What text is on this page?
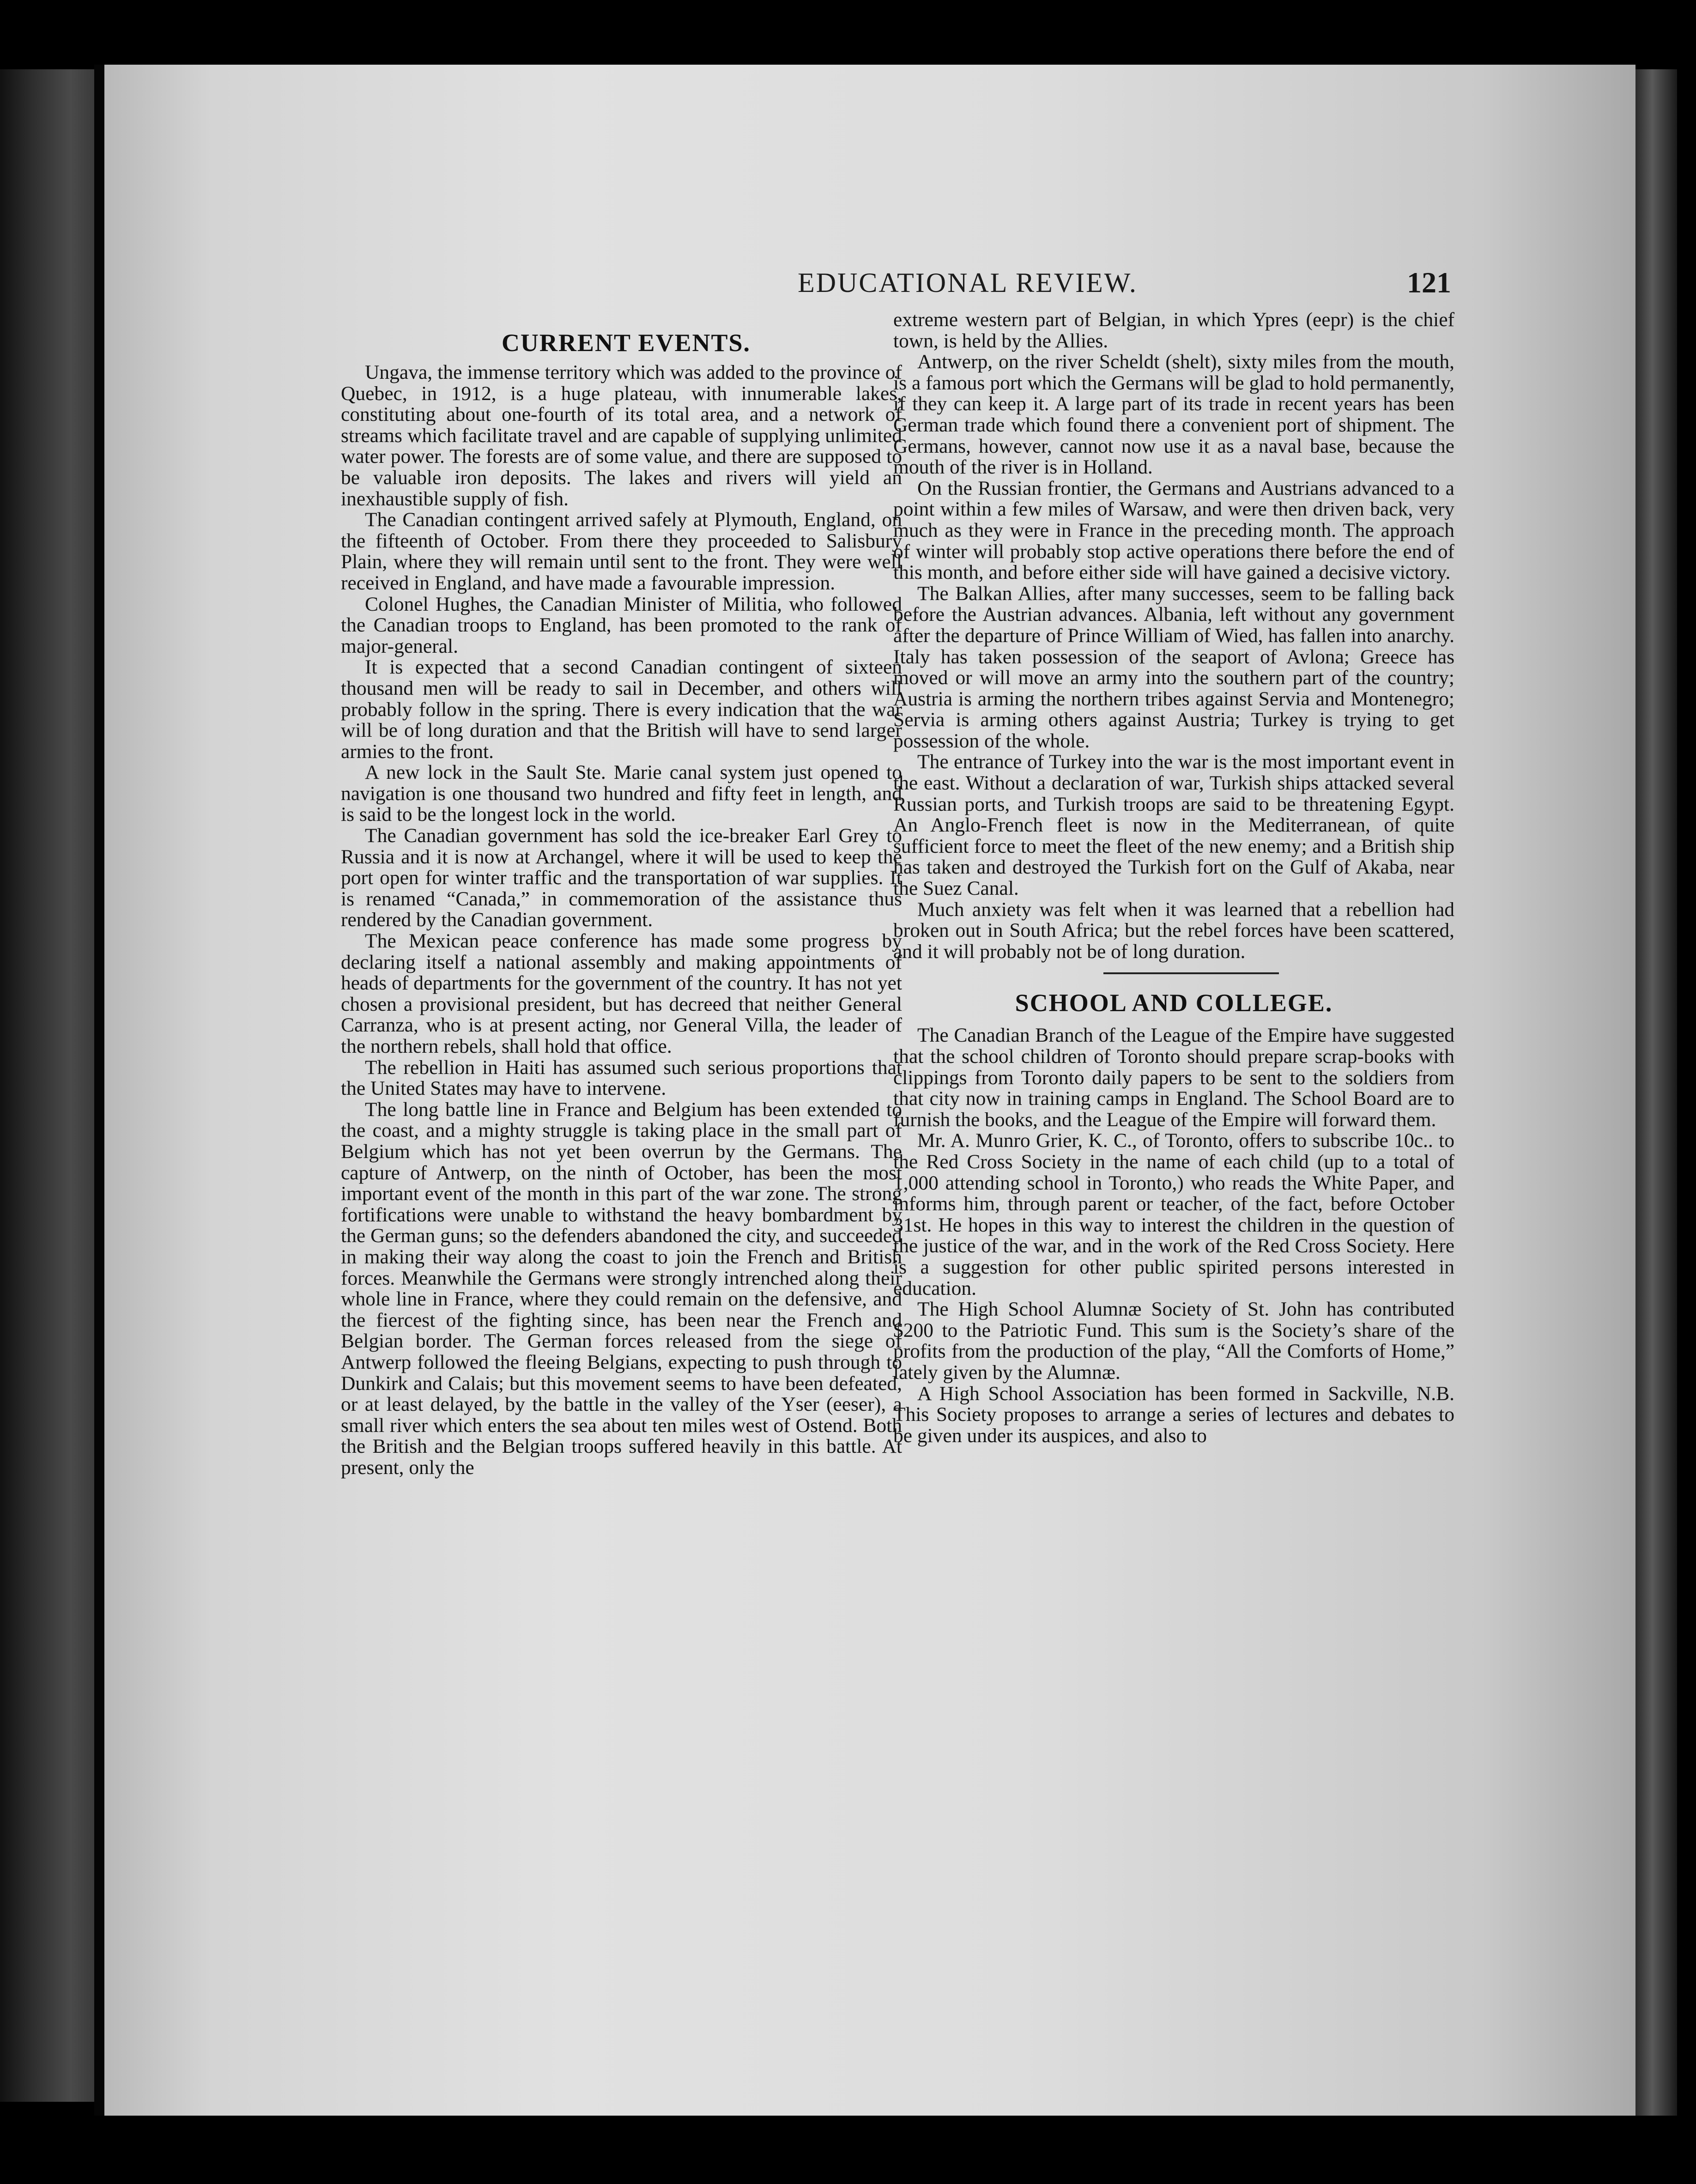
EDUCATIONAL REVIEW.	121
CURRENT EVENTS.

Ungava, the immense territory which was added to the province of Quebec, in 1912, is a huge plateau, with innumerable lakes, constituting about one-fourth of its total area, and a network of streams which facilitate travel and are capable of supplying unlimited water power. The forests are of some value, and there are supposed to be valuable iron deposits. The lakes and rivers will yield an inexhaustible supply of fish.

The Canadian contingent arrived safely at Plymouth, England, on the fifteenth of October. From there they proceeded to Salisbury Plain, where they will remain until sent to the front. They were well received in England, and have made a favourable impression.

Colonel Hughes, the Canadian Minister of Militia, who followed the Canadian troops to England, has been promoted to the rank of major-general.

It is expected that a second Canadian contingent of sixteen thousand men will be ready to sail in December, and others will probably follow in the spring. There is every indication that the war will be of long duration and that the British will have to send larger armies to the front.

A new lock in the Sault Ste. Marie canal system just opened to navigation is one thousand two hundred and fifty feet in length, and is said to be the longest lock in the world.

The Canadian government has sold the ice-breaker Earl Grey to Russia and it is now at Archangel, where it will be used to keep the port open for winter traffic and the transportation of war supplies. It is renamed “Canada,” in commemoration of the assistance thus rendered by the Canadian government.

The Mexican peace conference has made some progress by declaring itself a national assembly and making appointments of heads of departments for the government of the country. It has not yet chosen a provisional president, but has decreed that neither General Carranza, who is at present acting, nor General Villa, the leader of the northern rebels, shall hold that office.

The rebellion in Haiti has assumed such serious proportions that the United States may have to intervene.

The long battle line in France and Belgium has been extended to the coast, and a mighty struggle is taking place in the small part of Belgium which has not yet been overrun by the Germans. The capture of Antwerp, on the ninth of October, has been the most important event of the month in this part of the war zone. The strong fortifications were unable to withstand the heavy bombardment by the German guns; so the defenders abandoned the city, and succeeded in making their way along the coast to join the French and British forces. Meanwhile the Germans were strongly intrenched along their whole line in France, where they could remain on the defensive, and the fiercest of the fighting since, has been near the French and Belgian border. The German forces released from the siege of Antwerp followed the fleeing Belgians, expecting to push through to Dunkirk and Calais; but this movement seems to have been defeated, or at least delayed, by the battle in the valley of the Yser (eeser), a small river which enters the sea about ten miles west of Ostend. Both the British and the Belgian troops suffered heavily in this battle. At present, only the

extreme western part of Belgian, in which Ypres (eepr) is the chief town, is held by the Allies.

Antwerp, on the river Scheldt (shelt), sixty miles from the mouth, is a famous port which the Germans will be glad to hold permanently, if they can keep it. A large part of its trade in recent years has been German trade which found there a convenient port of shipment. The Germans, however, cannot now use it as a naval base, because the mouth of the river is in Holland.

On the Russian frontier, the Germans and Austrians advanced to a point within a few miles of Warsaw, and were then driven back, very much as they were in France in the preceding month. The approach of winter will probably stop active operations there before the end of this month, and before either side will have gained a decisive victory.

The Balkan Allies, after many successes, seem to be falling back before the Austrian advances. Albania, left without any government after the departure of Prince William of Wied, has fallen into anarchy. Italy has taken possession of the seaport of Avlona; Greece has moved or will move an army into the southern part of the country; Austria is arming the northern tribes against Servia and Montenegro; Servia is arming others against Austria; Turkey is trying to get possession of the whole.

The entrance of Turkey into the war is the most important event in the east. Without a declaration of war, Turkish ships attacked several Russian ports, and Turkish troops are said to be threatening Egypt. An Anglo-French fleet is now in the Mediterranean, of quite sufficient force to meet the fleet of the new enemy; and a British ship has taken and destroyed the Turkish fort on the Gulf of Akaba, near the Suez Canal.

Much anxiety was felt when it was learned that a rebellion had broken out in South Africa; but the rebel forces have been scattered, and it will probably not be of long duration.

SCHOOL AND COLLEGE.

The Canadian Branch of the League of the Empire have suggested that the school children of Toronto should prepare scrap-books with clippings from Toronto daily papers to be sent to the soldiers from that city now in training camps in England. The School Board are to furnish the books, and the League of the Empire will forward them.

Mr. A. Munro Grier, K. C., of Toronto, offers to subscribe 10c.. to the Red Cross Society in the name of each child (up to a total of 1,000 attending school in Toronto,) who reads the White Paper, and informs him, through parent or teacher, of the fact, before October 31st. He hopes in this way to interest the children in the question of the justice of the war, and in the work of the Red Cross Society. Here is a suggestion for other public spirited persons interested in education.

The High School Alumnæ Society of St. John has contributed $200 to the Patriotic Fund. This sum is the Society’s share of the profits from the production of the play, “All the Comforts of Home,” lately given by the Alumnæ.

A High School Association has been formed in Sackville, N.B. This Society proposes to arrange a series of lectures and debates to be given under its auspices, and also to
